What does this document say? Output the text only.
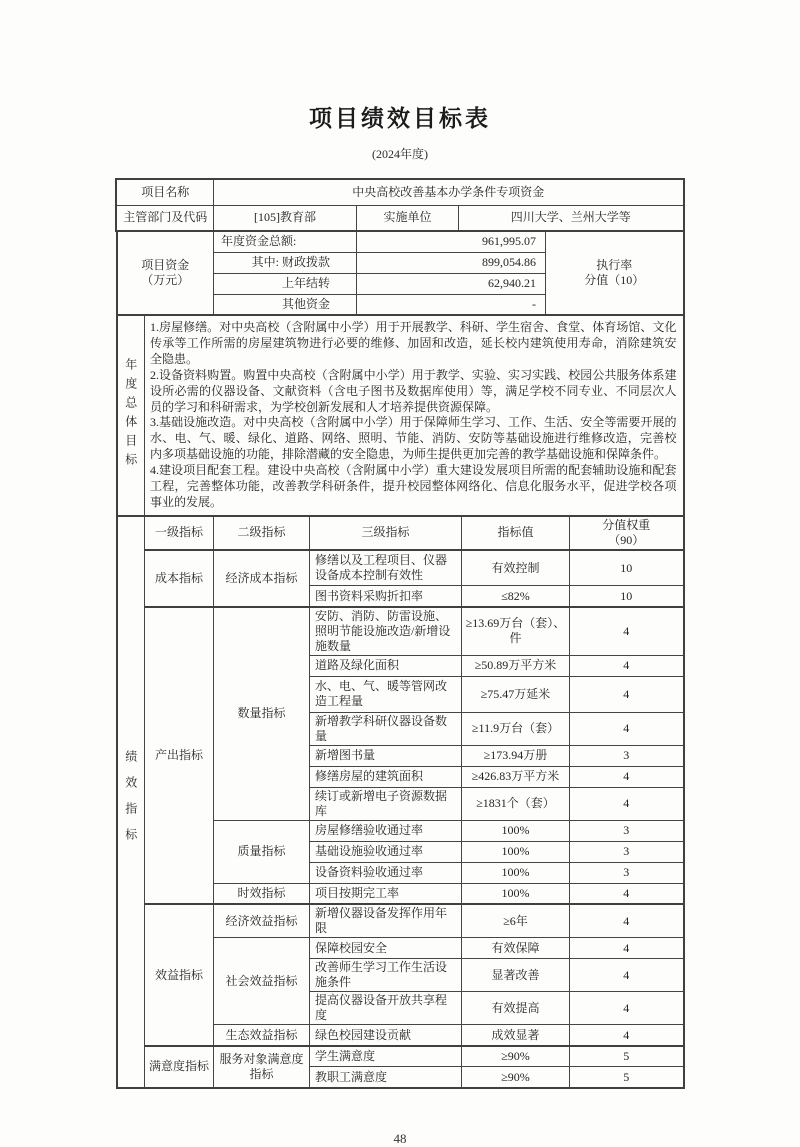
项目绩效目标表
(2024年度)
项目名称	中央高校改善基本办学条件专项资金		
主管部门及代码	[105]教育部	实施单位	四川大学、兰州大学等
项目资金
（万元）	年度资金总额:	961,995.07	执行率
分值（10）

	其中: 财政拨款	899,054.86	
	上年结转	62,940.21	
	其他资金	-	
年度总体目标

1.房屋修缮。对中央高校（含附属中小学）用于开展教学、科研、学生宿舍、食堂、体育场馆、文化传承等工作所需的房屋建筑物进行必要的维修、加固和改造，延长校内建筑使用寿命，消除建筑安全隐患。
2.设备资料购置。购置中央高校（含附属中小学）用于教学、实验、实习实践、校园公共服务体系建设所必需的仪器设备、文献资料（含电子图书及数据库使用）等，满足学校不同专业、不同层次人员的学习和科研需求，为学校创新发展和人才培养提供资源保障。
3.基础设施改造。对中央高校（含附属中小学）用于保障师生学习、工作、生活、安全等需要开展的水、电、气、暖、绿化、道路、网络、照明、节能、消防、安防等基础设施进行维修改造，完善校内多项基础设施的功能，排除潜藏的安全隐患，为师生提供更加完善的教学基础设施和保障条件。
4.建设项目配套工程。建设中央高校（含附属中小学）重大建设发展项目所需的配套辅助设施和配套工程，完善整体功能，改善教学科研条件，提升校园整体网络化、信息化服务水平，促进学校各项事业的发展。
绩效指标	一级指标	二级指标	三级指标	指标值	分值权重
（90）

	成本指标	经济成本指标	修缮以及工程项目、仪器设备成本控制有效性	有效控制	10
			图书资料采购折扣率	≤82%	10
	产出指标	数量指标	安防、消防、防雷设施、照明节能设施改造/新增设施数量	≥13.69万台（套）、件	4
			道路及绿化面积	≥50.89万平方米	4
			水、电、气、暖等管网改造工程量	≥75.47万延米	4
			新增教学科研仪器设备数量	≥11.9万台（套）	4
			新增图书量	≥173.94万册	3
			修缮房屋的建筑面积	≥426.83万平方米	4
			续订或新增电子资源数据库	≥1831个（套）	4
		质量指标	房屋修缮验收通过率	100%	3
			基础设施验收通过率	100%	3
			设备资料验收通过率	100%	3
		时效指标	项目按期完工率	100%	4
	效益指标	经济效益指标	新增仪器设备发挥作用年限	≥6年	4
		社会效益指标	保障校园安全	有效保障	4
			改善师生学习工作生活设施条件	显著改善	4
			提高仪器设备开放共享程度	有效提高	4
		生态效益指标	绿色校园建设贡献	成效显著	4
	满意度指标	服务对象满意度指标	学生满意度	≥90%	5
			教职工满意度	≥90%	5
48
